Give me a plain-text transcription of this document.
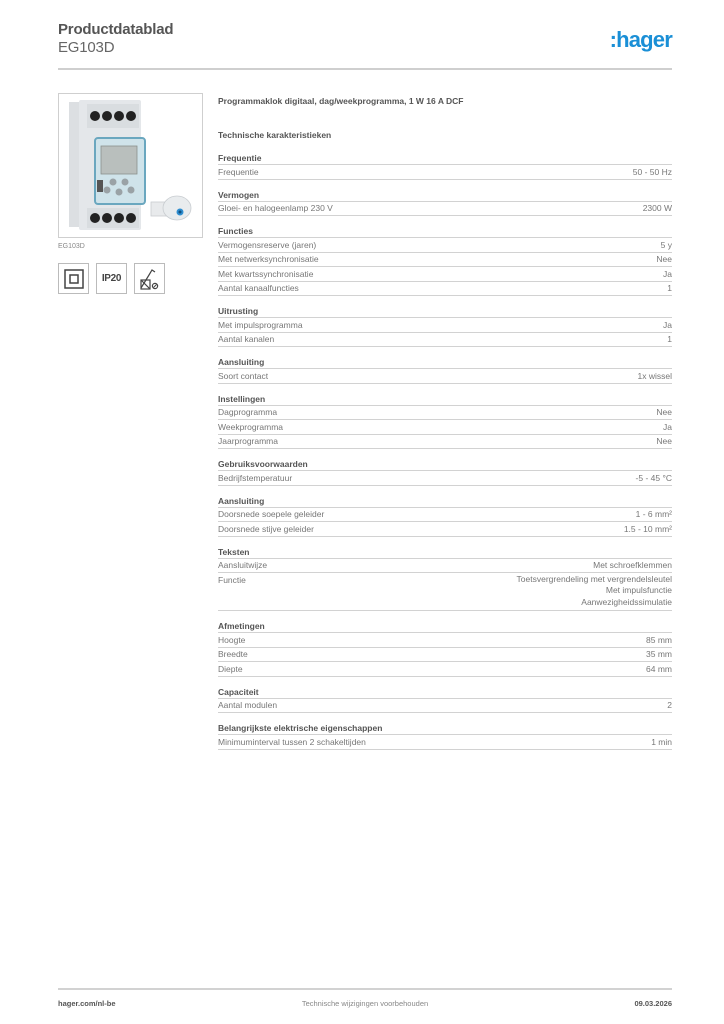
Productdatablad
EG103D	:hager
EG103D
IP20
Programmaklok digitaal, dag/weekprogramma, 1 W 16 A DCF
Technische karakteristieken
Frequentie
Frequentie	50 - 50 Hz
Vermogen
Gloei- en halogeenlamp 230 V	2300 W
Functies
Vermogensreserve (jaren)	5 y
Met netwerksynchronisatie	Nee
Met kwartssynchronisatie	Ja
Aantal kanaalfuncties	1
Uitrusting
Met impulsprogramma	Ja
Aantal kanalen	1
Aansluiting
Soort contact	1x wissel
Instellingen
Dagprogramma	Nee
Weekprogramma	Ja
Jaarprogramma	Nee
Gebruiksvoorwaarden
Bedrijfstemperatuur	-5 - 45 °C
Aansluiting
Doorsnede soepele geleider	1 - 6 mm²
Doorsnede stijve geleider	1.5 - 10 mm²
Teksten
Aansluitwijze	Met schroefklemmen
Functie	Toetsvergrendeling met vergrendelsleutel
Met impulsfunctie
Aanwezigheidssimulatie
Afmetingen
Hoogte	85 mm
Breedte	35 mm
Diepte	64 mm
Capaciteit
Aantal modulen	2
Belangrijkste elektrische eigenschappen
Minimuminterval tussen 2 schakeltijden	1 min
hager.com/nl-be	Technische wijzigingen voorbehouden	09.03.2026
